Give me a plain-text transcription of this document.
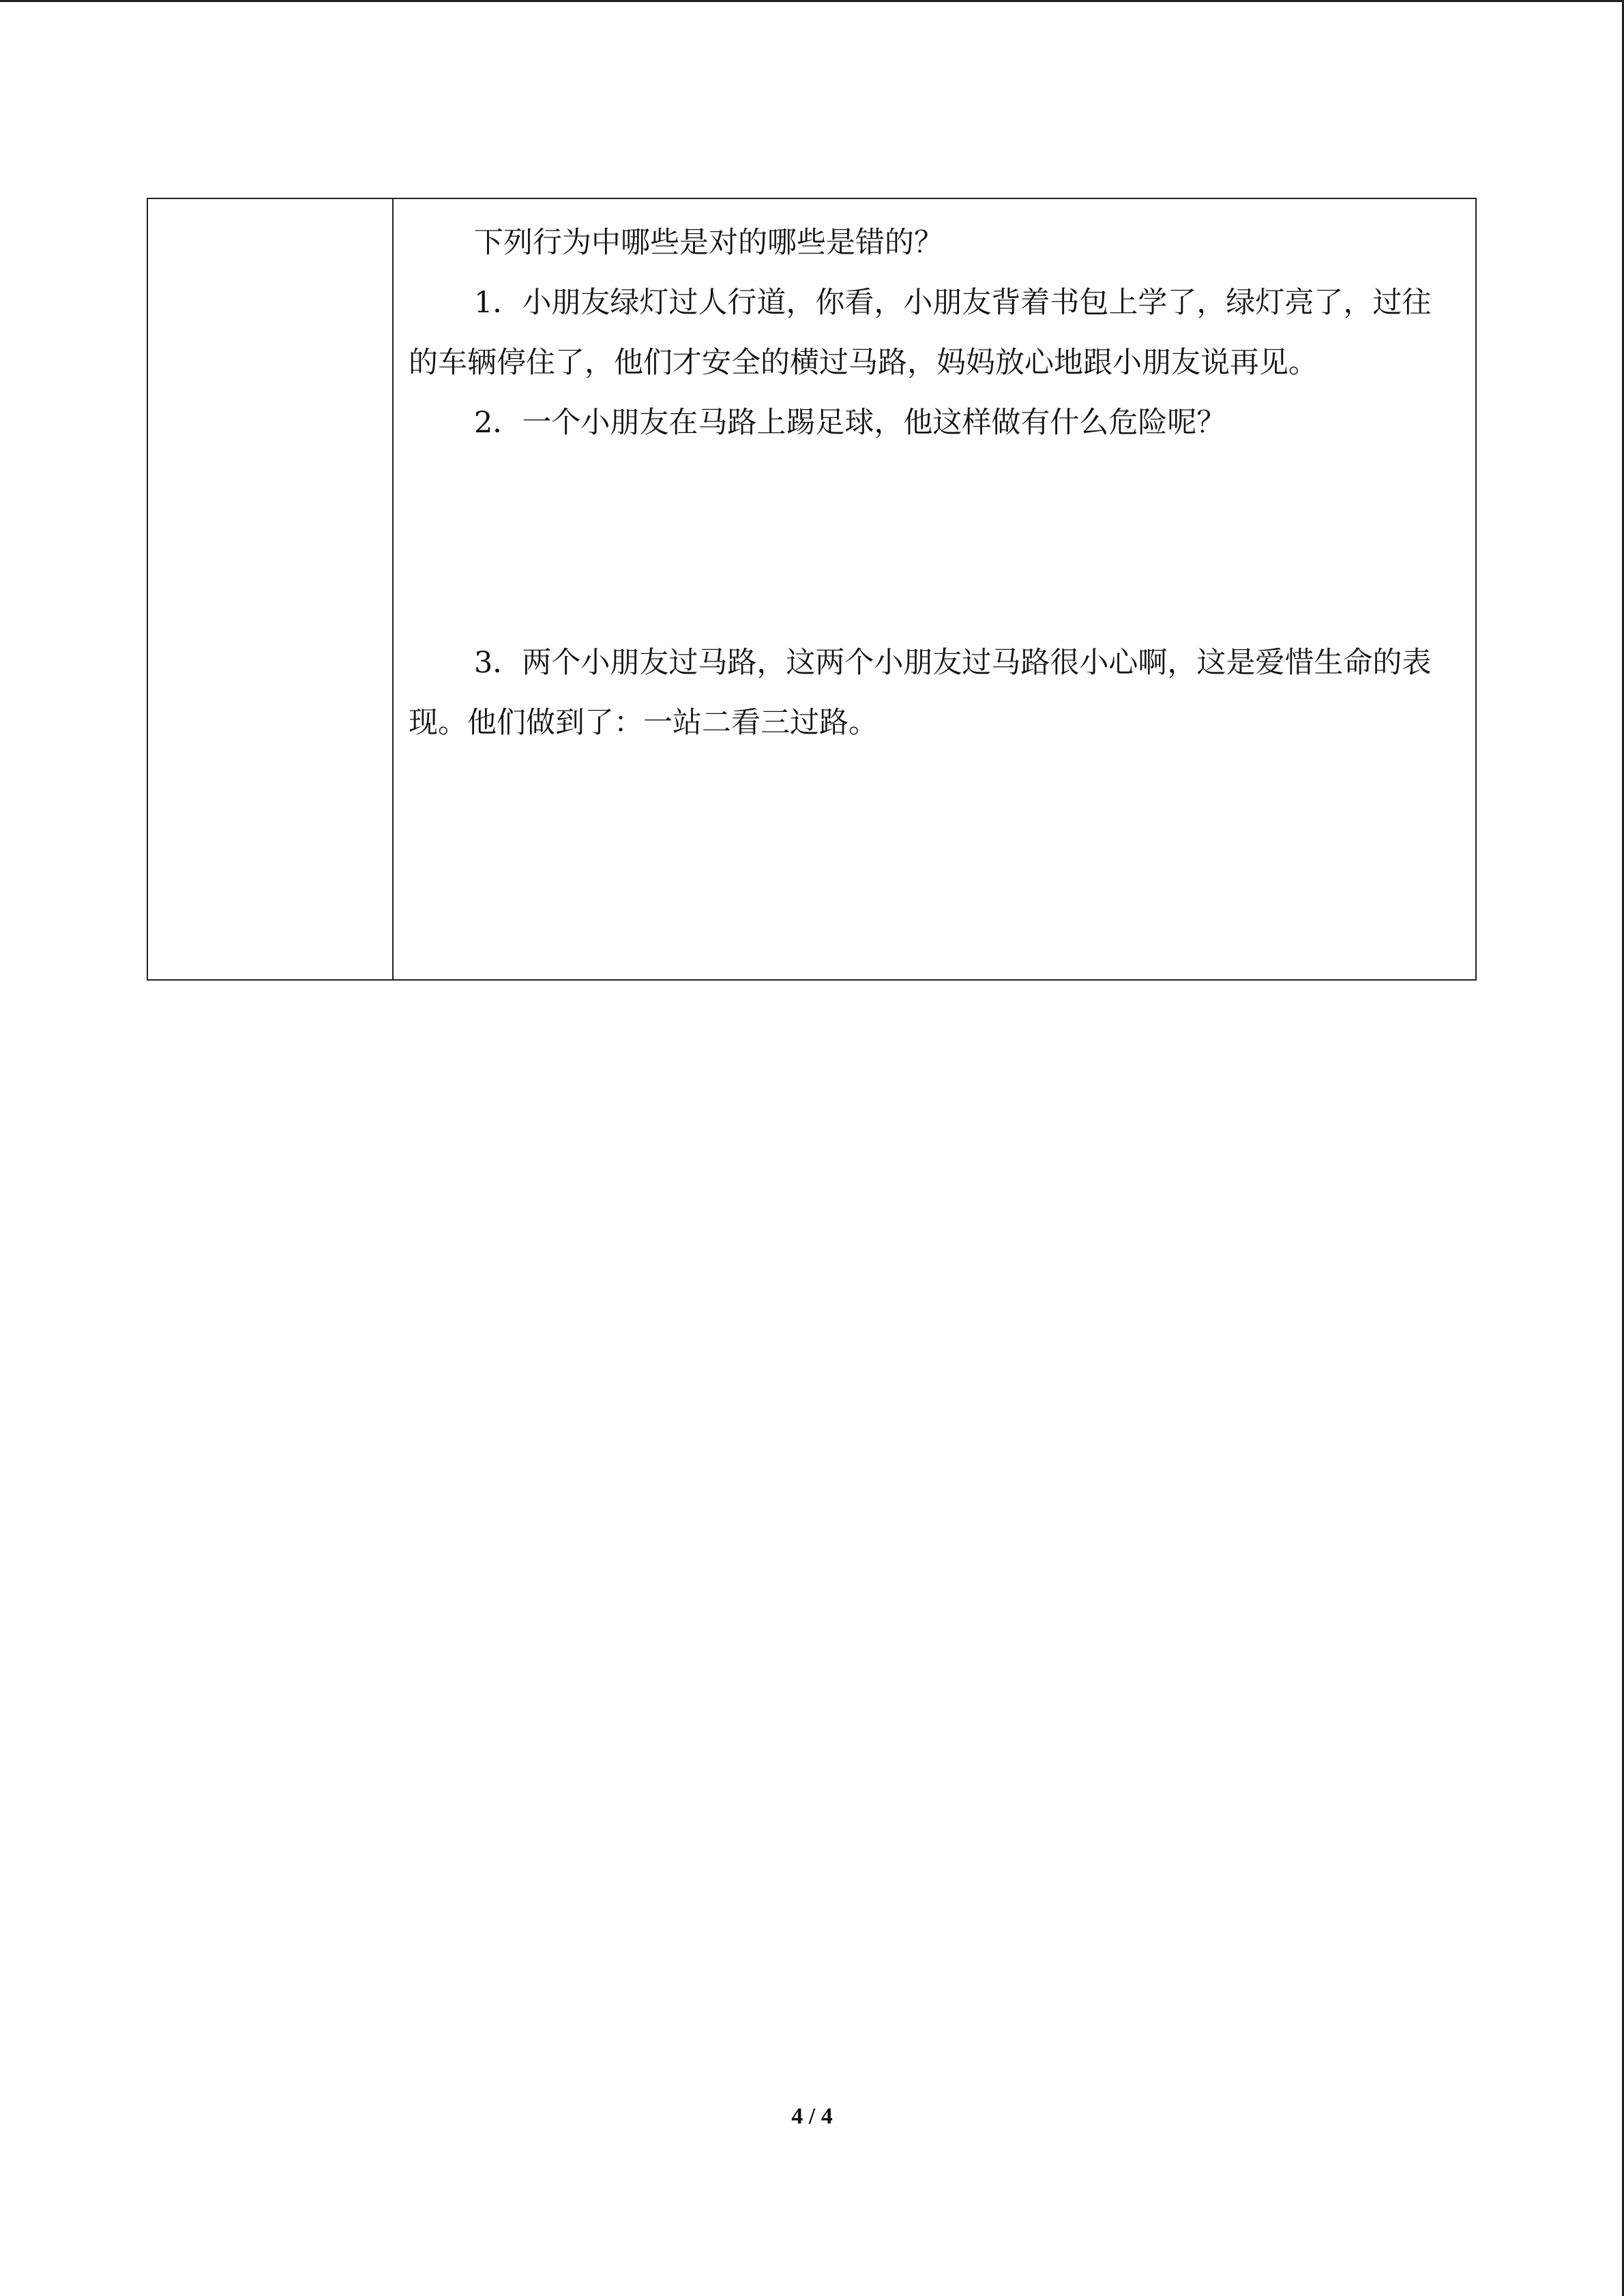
下列行为中哪些是对的哪些是错的？

1．小朋友绿灯过人行道，你看，小朋友背着书包上学了，绿灯亮了，过往的车辆停住了，他们才安全的横过马路，妈妈放心地跟小朋友说再见。

2．一个小朋友在马路上踢足球，他这样做有什么危险呢？

3．两个小朋友过马路，这两个小朋友过马路很小心啊，这是爱惜生命的表现。他们做到了：一站二看三过路。

4 / 4
